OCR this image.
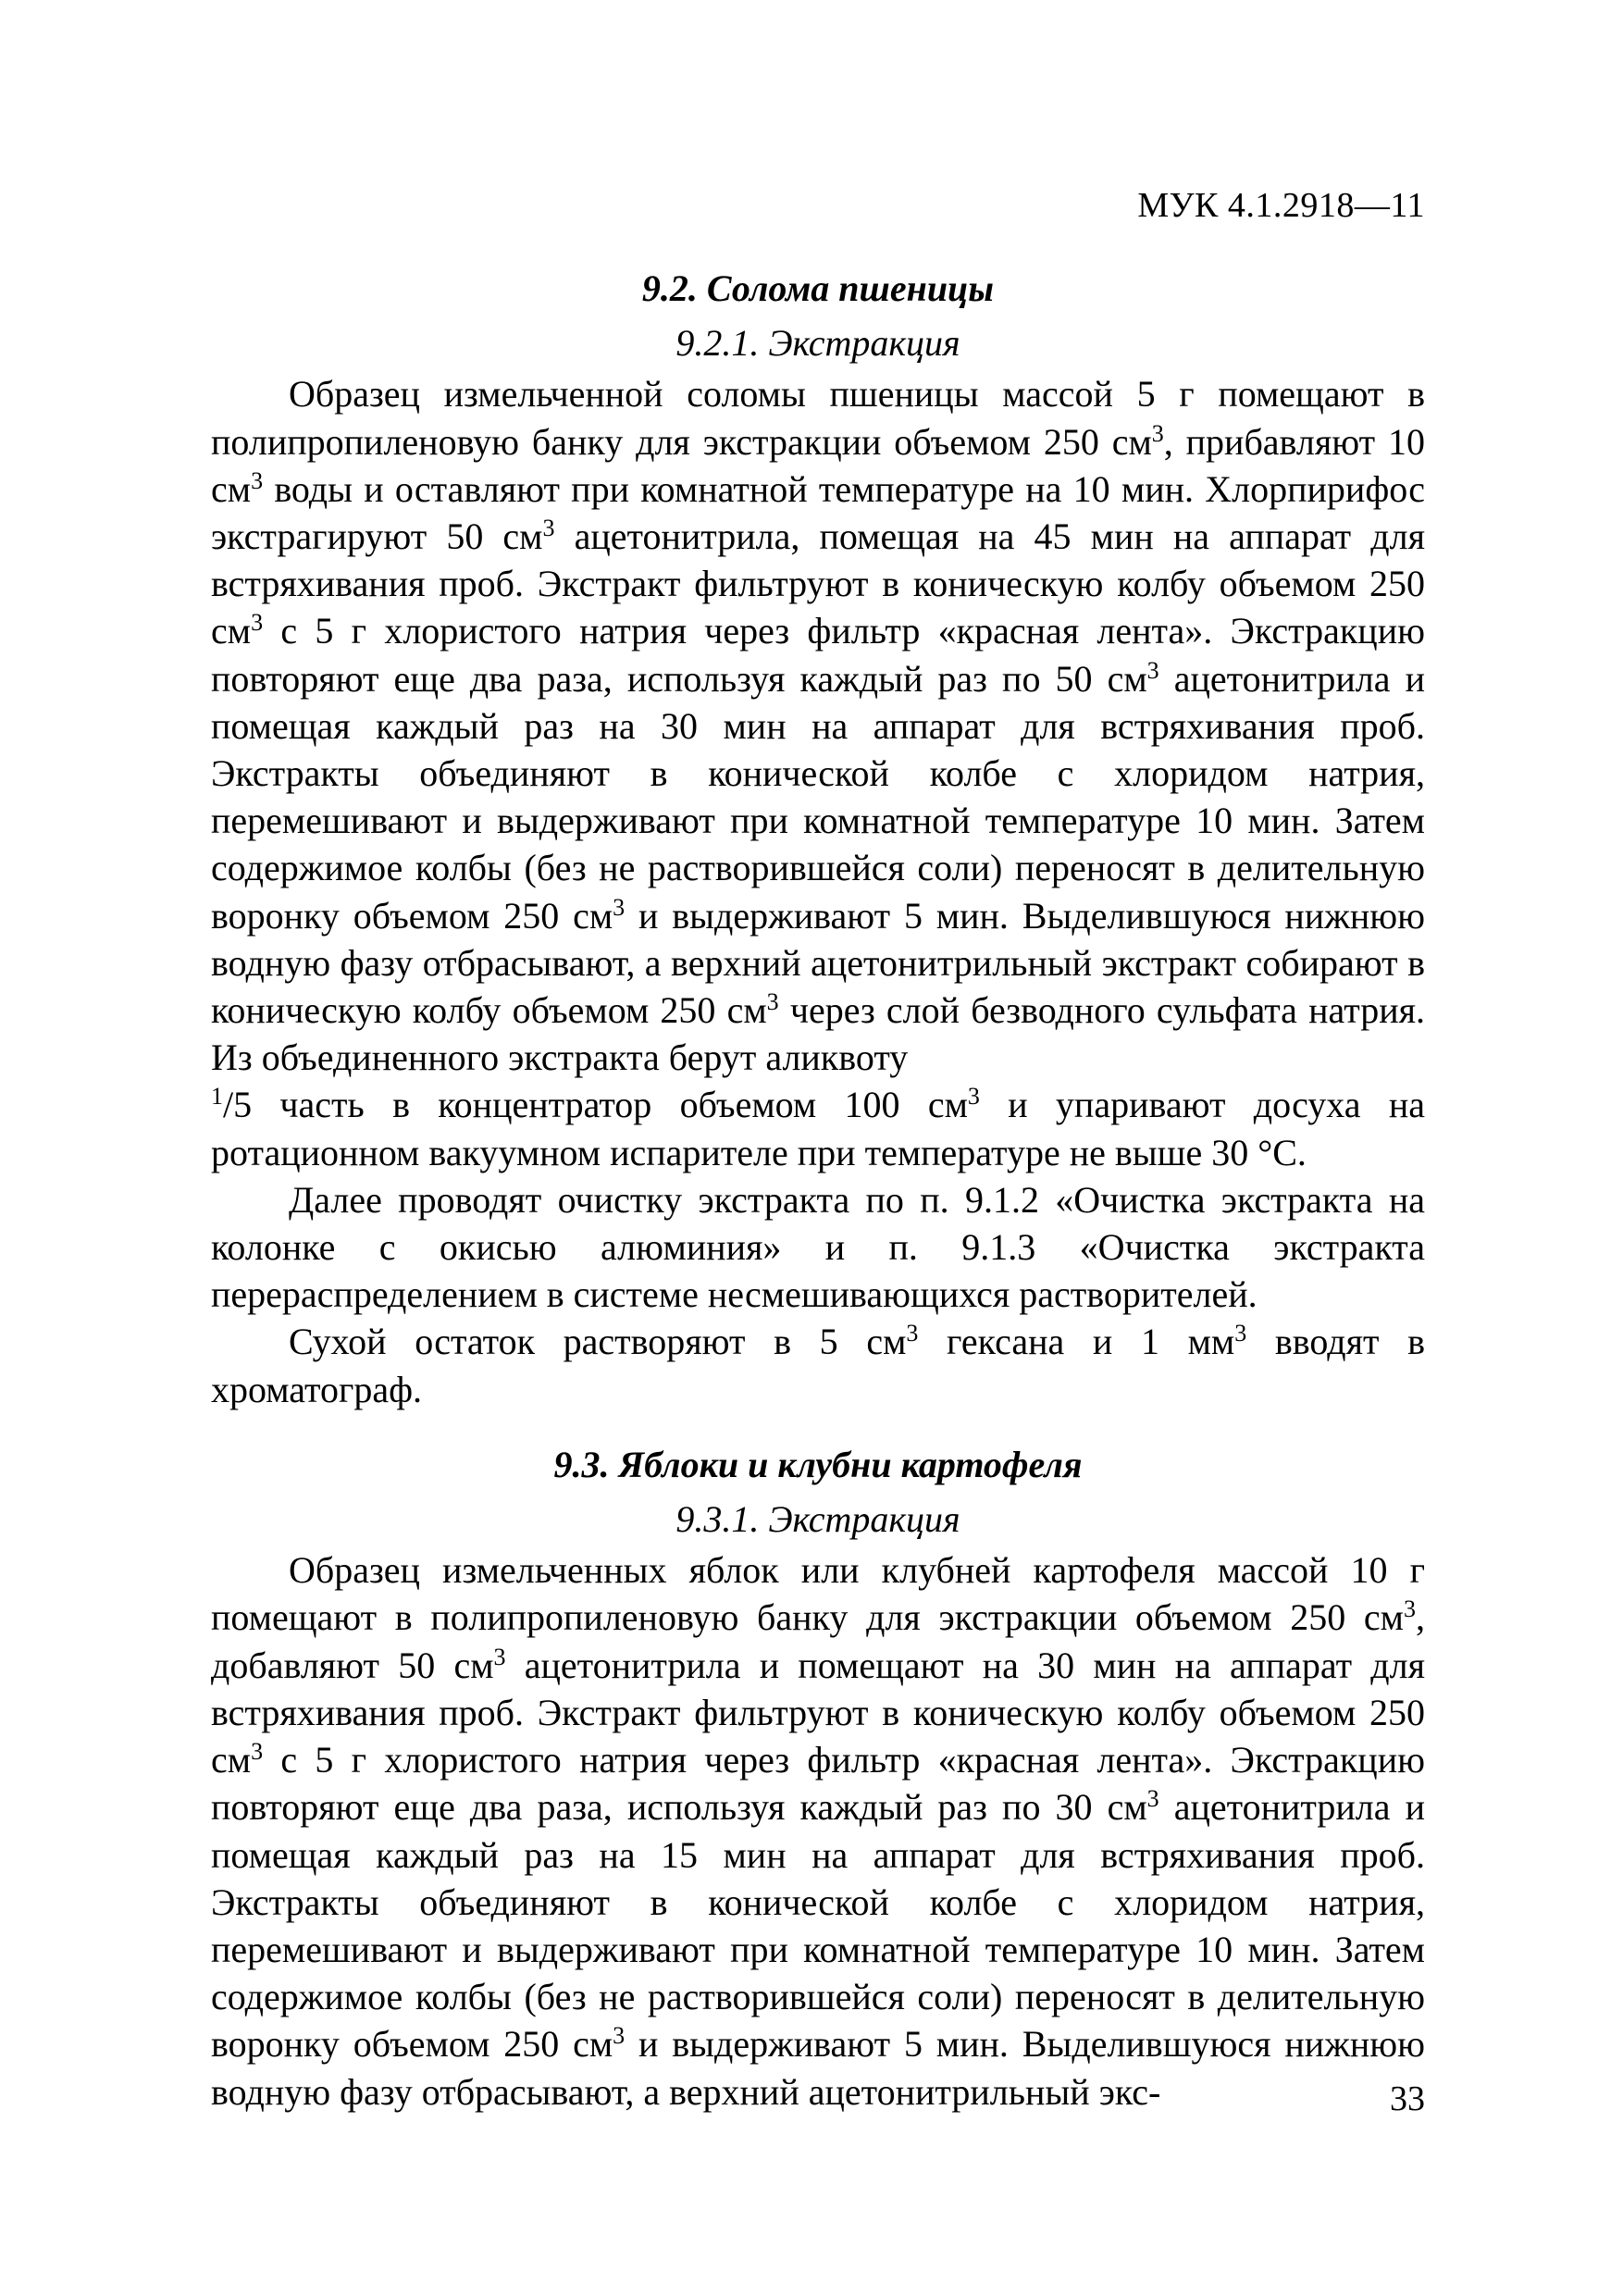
МУК 4.1.2918—11
9.2. Солома пшеницы
9.2.1. Экстракция

Образец измельченной соломы пшеницы массой 5 г помещают в полипропиленовую банку для экстракции объемом 250 $см^3$, прибавляют 10 $см^3$ воды и оставляют при комнатной температуре на 10 мин. Хлорпирифос экстрагируют 50 $см^3$ ацетонитрила, помещая на 45 мин на аппарат для встряхивания проб. Экстракт фильтруют в коническую колбу объемом 250 $см^3$ с 5 г хлористого натрия через фильтр «красная лента». Экстракцию повторяют еще два раза, используя каждый раз по 50 $см^3$ ацетонитрила и помещая каждый раз на 30 мин на аппарат для встряхивания проб. Экстракты объединяют в конической колбе с хлоридом натрия, перемешивают и выдерживают при комнатной температуре 10 мин. Затем содержимое колбы (без не растворившейся соли) переносят в делительную воронку объемом 250 $см^3$ и выдерживают 5 мин. Выделившуюся нижнюю водную фазу отбрасывают, а верхний ацетонитрильный экстракт собирают в коническую колбу объемом 250 $см^3$ через слой безводного сульфата натрия. Из объединенного экстракта берут аликвоту
$^1$/5 часть в концентратор объемом 100 $см^3$ и упаривают досуха на ротационном вакуумном испарителе при температуре не выше 30 °С.

Далее проводят очистку экстракта по п. 9.1.2 «Очистка экстракта на колонке с окисью алюминия» и п. 9.1.3 «Очистка экстракта перераспределением в системе несмешивающихся растворителей.

Сухой остаток растворяют в 5 $см^3$ гексана и 1 $мм^3$ вводят в хроматограф.

9.3. Яблоки и клубни картофеля
9.3.1. Экстракция

Образец измельченных яблок или клубней картофеля массой 10 г помещают в полипропиленовую банку для экстракции объемом 250 $см^3$, добавляют 50 $см^3$ ацетонитрила и помещают на 30 мин на аппарат для встряхивания проб. Экстракт фильтруют в коническую колбу объемом 250 $см^3$ с 5 г хлористого натрия через фильтр «красная лента». Экстракцию повторяют еще два раза, используя каждый раз по 30 $см^3$ ацетонитрила и помещая каждый раз на 15 мин на аппарат для встряхивания проб. Экстракты объединяют в конической колбе с хлоридом натрия, перемешивают и выдерживают при комнатной температуре 10 мин. Затем содержимое колбы (без не растворившейся соли) переносят в делительную воронку объемом 250 $см^3$ и выдерживают 5 мин. Выделившуюся нижнюю водную фазу отбрасывают, а верхний ацетонитрильный экс-	33
